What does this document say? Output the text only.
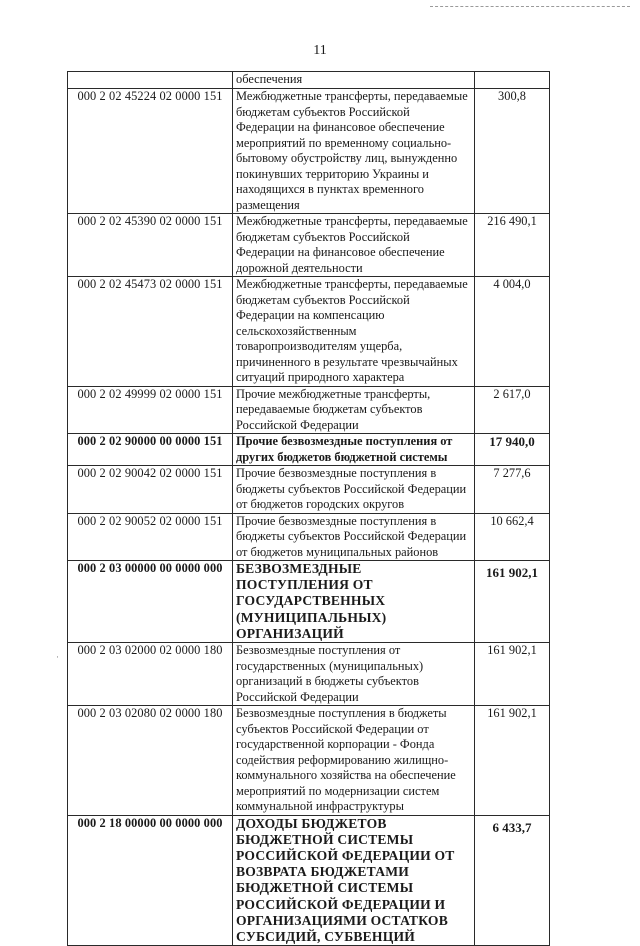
11
	обеспечения	
000 2 02 45224 02 0000 151	Межбюджетные трансферты, передаваемые бюджетам субъектов Российской Федерации на финансовое обеспечение мероприятий по временному социально-бытовому обустройству лиц, вынужденно покинувших территорию Украины и находящихся в пунктах временного размещения	300,8
000 2 02 45390 02 0000 151	Межбюджетные трансферты, передаваемые бюджетам субъектов Российской Федерации на финансовое обеспечение дорожной деятельности	216 490,1
000 2 02 45473 02 0000 151	Межбюджетные трансферты, передаваемые бюджетам субъектов Российской Федерации на компенсацию сельскохозяйственным товаропроизводителям ущерба, причиненного в результате чрезвычайных ситуаций природного характера	4 004,0
000 2 02 49999 02 0000 151	Прочие межбюджетные трансферты, передаваемые бюджетам субъектов Российской Федерации	2 617,0
000 2 02 90000 00 0000 151	Прочие безвозмездные поступления от других бюджетов бюджетной системы	17 940,0
000 2 02 90042 02 0000 151	Прочие безвозмездные поступления в бюджеты субъектов Российской Федерации от бюджетов городских округов	7 277,6
000 2 02 90052 02 0000 151	Прочие безвозмездные поступления в бюджеты субъектов Российской Федерации от бюджетов муниципальных районов	10 662,4
000 2 03 00000 00 0000 000	БЕЗВОЗМЕЗДНЫЕ ПОСТУПЛЕНИЯ ОТ ГОСУДАРСТВЕННЫХ (МУНИЦИПАЛЬНЫХ) ОРГАНИЗАЦИЙ	161 902,1
000 2 03 02000 02 0000 180	Безвозмездные поступления от государственных (муниципальных) организаций в бюджеты субъектов Российской Федерации	161 902,1
000 2 03 02080 02 0000 180	Безвозмездные поступления в бюджеты субъектов Российской Федерации от государственной корпорации - Фонда содействия реформированию жилищно-коммунального хозяйства на обеспечение мероприятий по модернизации систем коммунальной инфраструктуры	161 902,1
000 2 18 00000 00 0000 000	ДОХОДЫ БЮДЖЕТОВ БЮДЖЕТНОЙ СИСТЕМЫ РОССИЙСКОЙ ФЕДЕРАЦИИ ОТ ВОЗВРАТА БЮДЖЕТАМИ БЮДЖЕТНОЙ СИСТЕМЫ РОССИЙСКОЙ ФЕДЕРАЦИИ И ОРГАНИЗАЦИЯМИ ОСТАТКОВ СУБСИДИЙ, СУБВЕНЦИЙ	6 433,7
·
